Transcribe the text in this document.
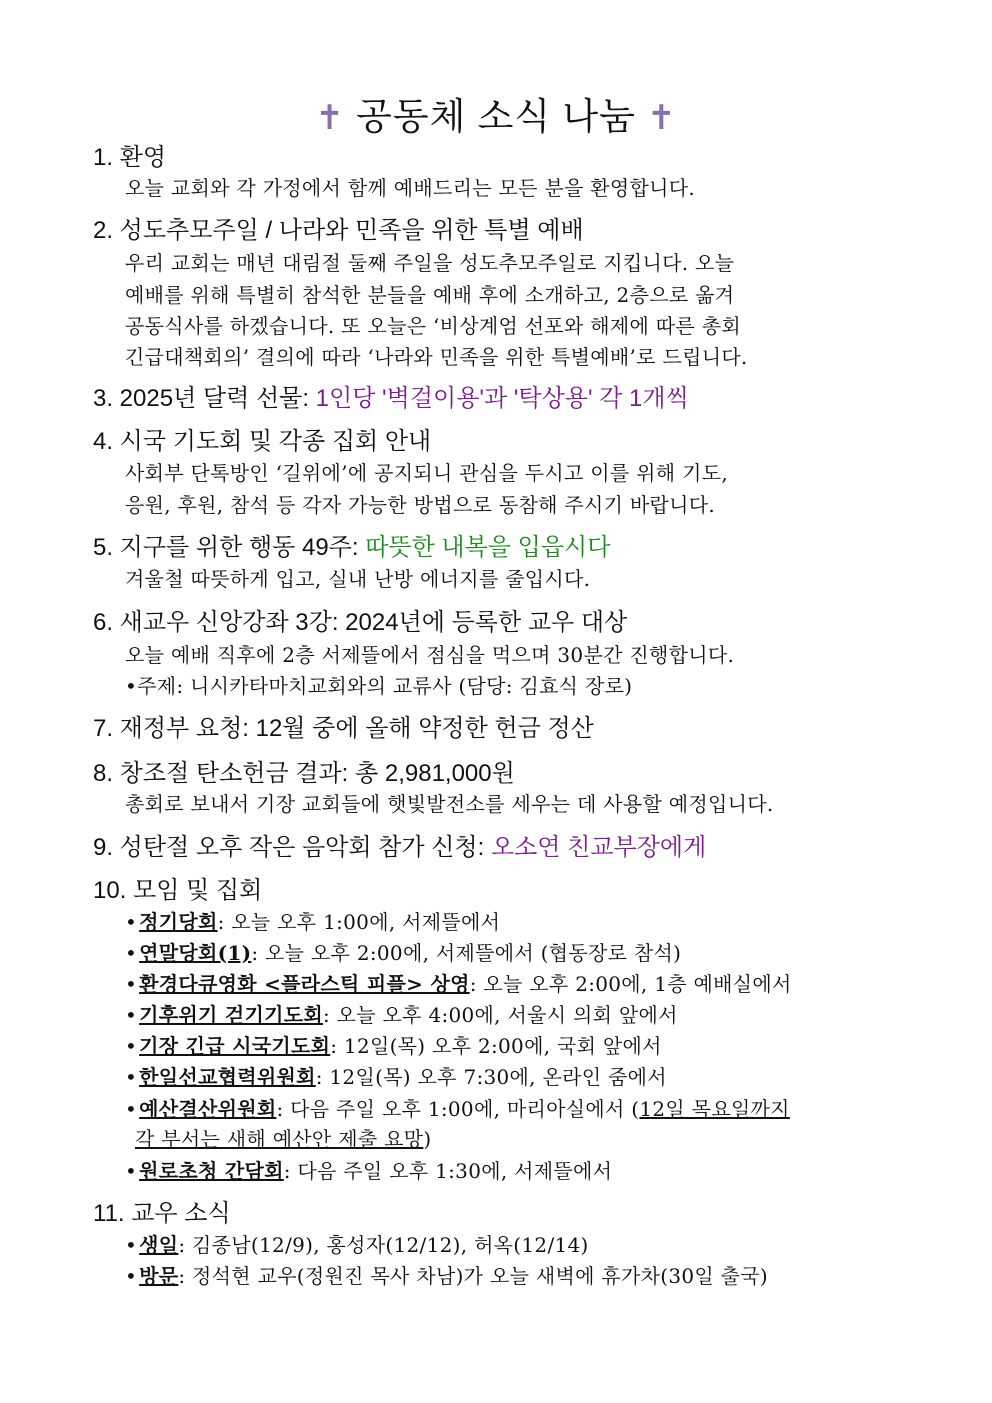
✝ 공동체 소식 나눔 ✝
1. 환영
오늘 교회와 각 가정에서 함께 예배드리는 모든 분을 환영합니다.
2. 성도추모주일 / 나라와 민족을 위한 특별 예배
우리 교회는 매년 대림절 둘째 주일을 성도추모주일로 지킵니다. 오늘
예배를 위해 특별히 참석한 분들을 예배 후에 소개하고, 2층으로 옮겨
공동식사를 하겠습니다. 또 오늘은 ‘비상계엄 선포와 해제에 따른 총회
긴급대책회의’ 결의에 따라 ‘나라와 민족을 위한 특별예배’로 드립니다.
3. 2025년 달력 선물: 1인당 '벽걸이용'과 '탁상용' 각 1개씩
4. 시국 기도회 및 각종 집회 안내
사회부 단톡방인 ‘길위에’에 공지되니 관심을 두시고 이를 위해 기도,
응원, 후원, 참석 등 각자 가능한 방법으로 동참해 주시기 바랍니다.
5. 지구를 위한 행동 49주: 따뜻한 내복을 입읍시다
겨울철 따뜻하게 입고, 실내 난방 에너지를 줄입시다.
6. 새교우 신앙강좌 3강: 2024년에 등록한 교우 대상
오늘 예배 직후에 2층 서제뜰에서 점심을 먹으며 30분간 진행합니다.
•주제: 니시카타마치교회와의 교류사 (담당: 김효식 장로)
7. 재정부 요청: 12월 중에 올해 약정한 헌금 정산
8. 창조절 탄소헌금 결과: 총 2,981,000원
총회로 보내서 기장 교회들에 햇빛발전소를 세우는 데 사용할 예정입니다.
9. 성탄절 오후 작은 음악회 참가 신청: 오소연 친교부장에게
10. 모임 및 집회
• 정기당회: 오늘 오후 1:00에, 서제뜰에서
• 연말당회(1): 오늘 오후 2:00에, 서제뜰에서 (협동장로 참석)
• 환경다큐영화 <플라스틱 피플> 상영: 오늘 오후 2:00에, 1층 예배실에서
• 기후위기 걷기기도회: 오늘 오후 4:00에, 서울시 의회 앞에서
• 기장 긴급 시국기도회: 12일(목) 오후 2:00에, 국회 앞에서
• 한일선교협력위원회: 12일(목) 오후 7:30에, 온라인 줌에서
• 예산결산위원회: 다음 주일 오후 1:00에, 마리아실에서 (12일 목요일까지
각 부서는 새해 예산안 제출 요망)
• 원로초청 간담회: 다음 주일 오후 1:30에, 서제뜰에서
11. 교우 소식
• 생일: 김종남(12/9), 홍성자(12/12), 허옥(12/14)
• 방문: 정석현 교우(정원진 목사 차남)가 오늘 새벽에 휴가차(30일 출국)
